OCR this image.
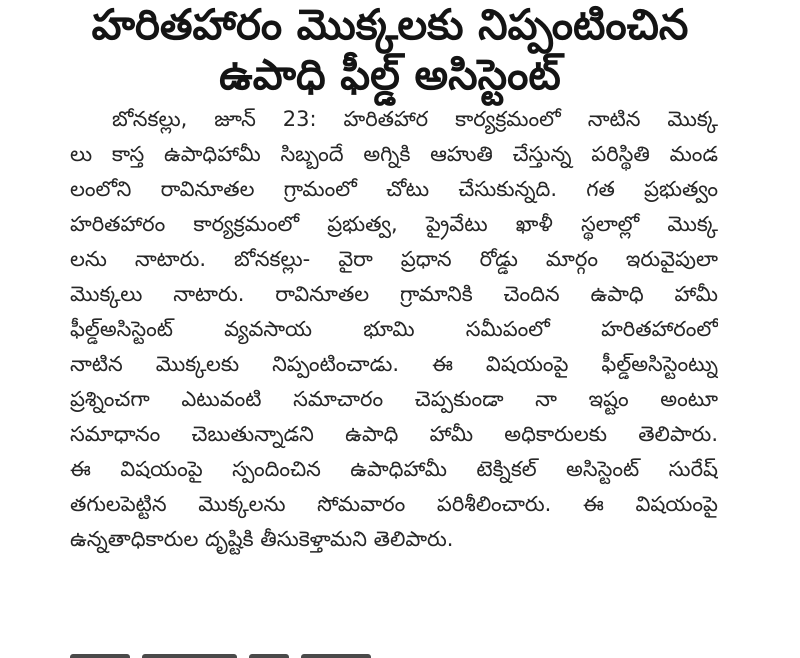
హరితహారం మొక్కలకు నిప్పంటించిన
ఉపాధి ఫీల్డ్ అసిస్టెంట్
బోనకల్లు, జూన్ 23: హరితహార కార్యక్రమంలో నాటిన మొక్క
లు కాస్త ఉపాధిహామీ సిబ్బందే అగ్నికి ఆహుతి చేస్తున్న పరిస్థితి మండ
లంలోని రావినూతల గ్రామంలో చోటు చేసుకున్నది. గత ప్రభుత్వం
హరితహారం కార్యక్రమంలో ప్రభుత్వ, ప్రైవేటు ఖాళీ స్థలాల్లో మొక్క
లను నాటారు. బోనకల్లు- వైరా ప్రధాన రోడ్డు మార్గం ఇరువైపులా
మొక్కలు నాటారు. రావినూతల గ్రామానికి చెందిన ఉపాధి హామీ
ఫీల్డ్అసిస్టెంట్ వ్యవసాయ భూమి సమీపంలో హరితహారంలో
నాటిన మొక్కలకు నిప్పంటించాడు. ఈ విషయంపై ఫీల్డ్అసిస్టెంట్ను
ప్రశ్నించగా ఎటువంటి సమాచారం చెప్పకుండా నా ఇష్టం అంటూ
సమాధానం చెబుతున్నాడని ఉపాధి హామీ అధికారులకు తెలిపారు.
ఈ విషయంపై స్పందించిన ఉపాధిహామీ టెక్నికల్ అసిస్టెంట్ సురేష్
తగులపెట్టిన మొక్కలను సోమవారం పరిశీలించారు. ఈ విషయంపై
ఉన్నతాధికారుల దృష్టికి తీసుకెళ్తామని తెలిపారు.
